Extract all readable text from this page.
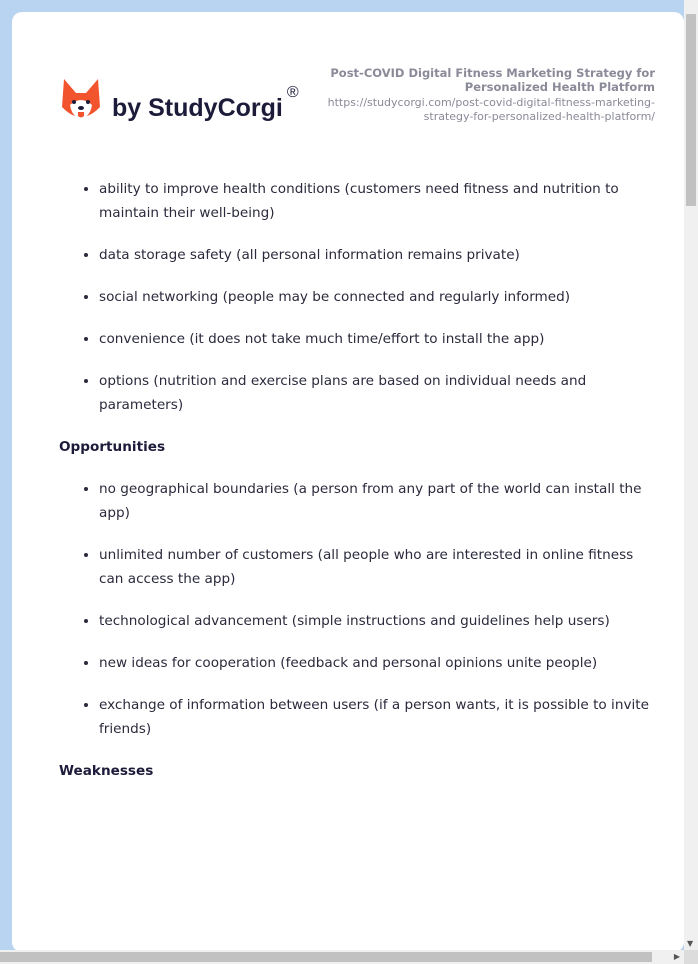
by StudyCorgi®
Post-COVID Digital Fitness Marketing Strategy for Personalized Health Platform
https://studycorgi.com/post-covid-digital-fitness-marketing-strategy-for-personalized-health-platform/
• ability to improve health conditions (customers need fitness and nutrition to maintain their well-being)
• data storage safety (all personal information remains private)
• social networking (people may be connected and regularly informed)
• convenience (it does not take much time/effort to install the app)
• options (nutrition and exercise plans are based on individual needs and parameters)
Opportunities
• no geographical boundaries (a person from any part of the world can install the app)
• unlimited number of customers (all people who are interested in online fitness can access the app)
• technological advancement (simple instructions and guidelines help users)
• new ideas for cooperation (feedback and personal opinions unite people)
• exchange of information between users (if a person wants, it is possible to invite friends)
Weaknesses
▼
▶
